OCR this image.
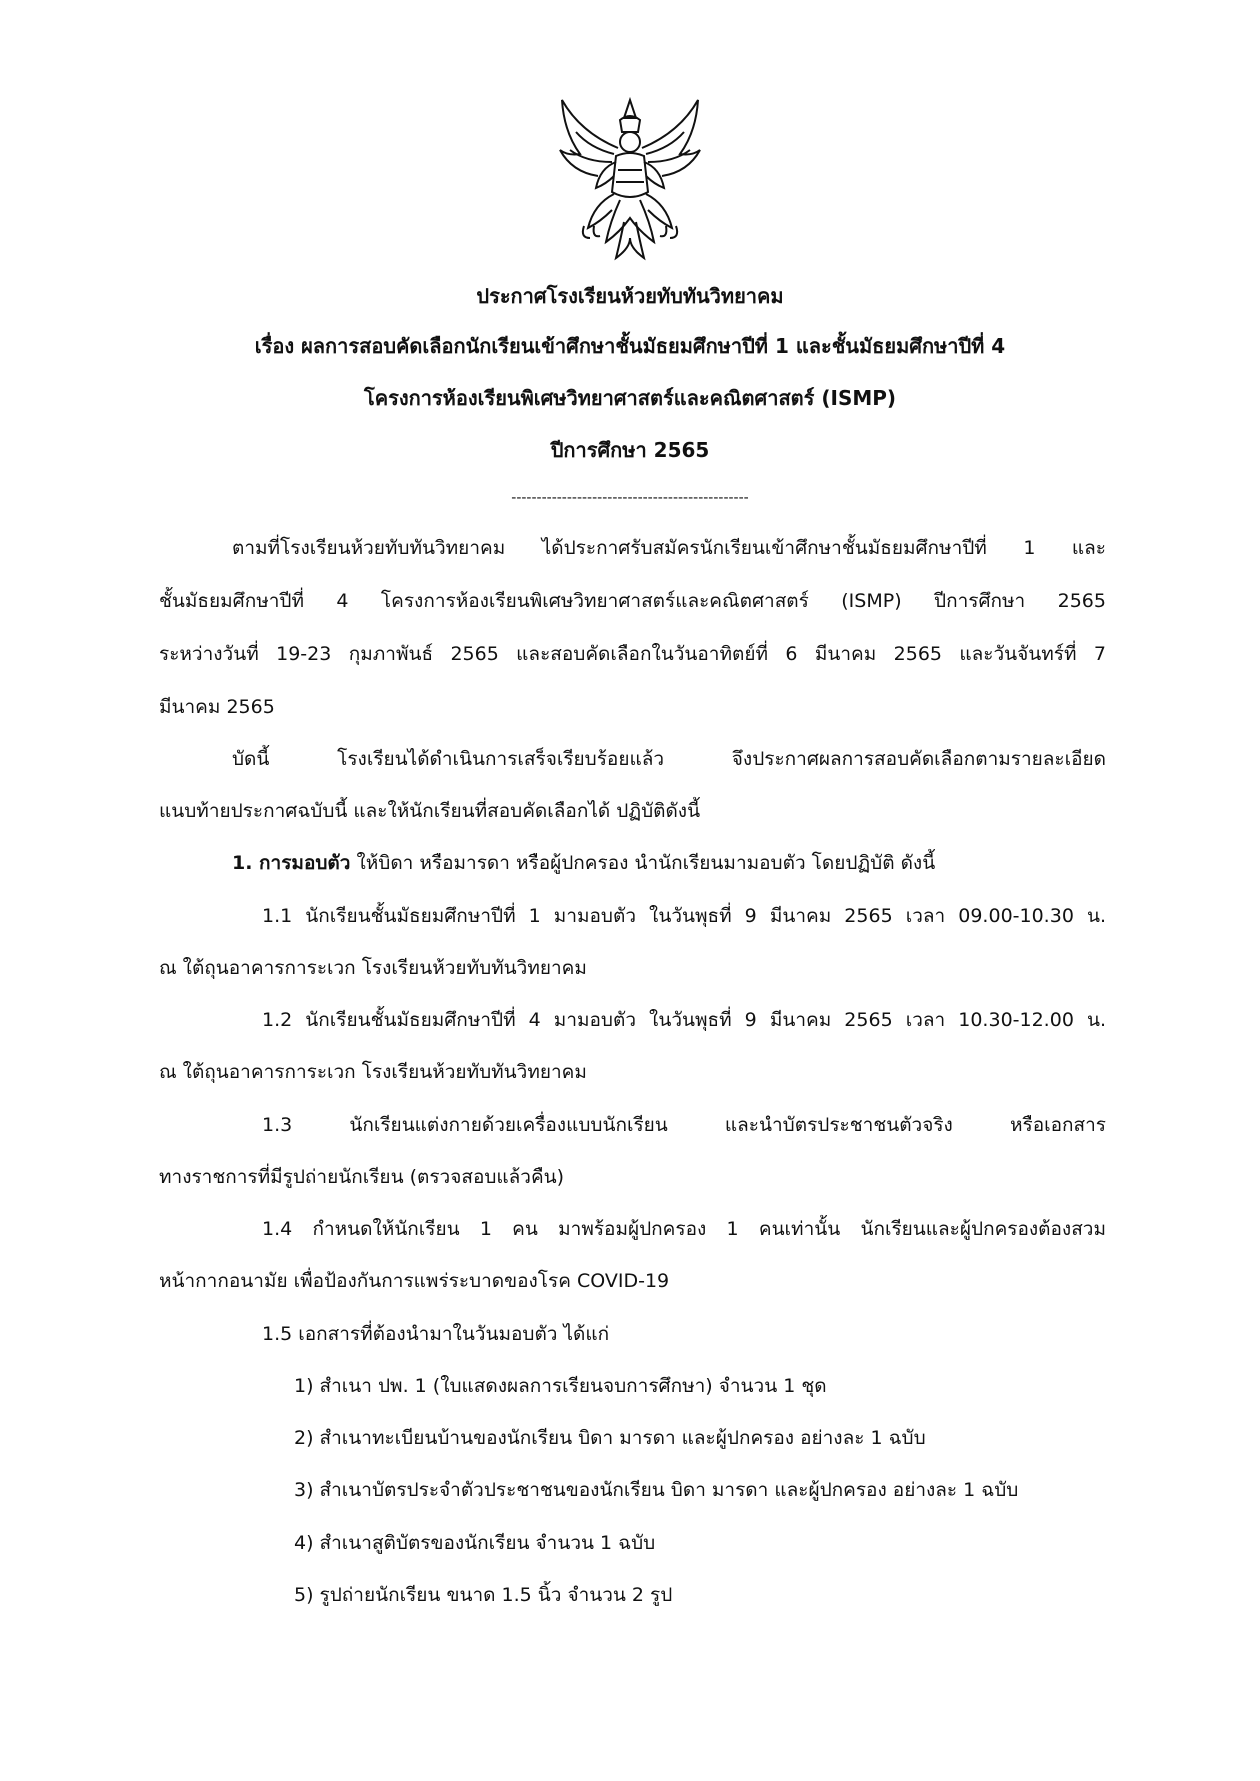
ประกาศโรงเรียนห้วยทับทันวิทยาคม
เรื่อง ผลการสอบคัดเลือกนักเรียนเข้าศึกษาชั้นมัธยมศึกษาปีที่ 1 และชั้นมัธยมศึกษาปีที่ 4
โครงการห้องเรียนพิเศษวิทยาศาสตร์และคณิตศาสตร์ (ISMP)
ปีการศึกษา 2565
-----------------------------------------------
ตามที่โรงเรียนห้วยทับทันวิทยาคม ได้ประกาศรับสมัครนักเรียนเข้าศึกษาชั้นมัธยมศึกษาปีที่ 1 และ
ชั้นมัธยมศึกษาปีที่ 4 โครงการห้องเรียนพิเศษวิทยาศาสตร์และคณิตศาสตร์ (ISMP) ปีการศึกษา 2565
ระหว่างวันที่ 19-23 กุมภาพันธ์ 2565 และสอบคัดเลือกในวันอาทิตย์ที่ 6 มีนาคม 2565 และวันจันทร์ที่ 7
มีนาคม 2565
บัดนี้ โรงเรียนได้ดำเนินการเสร็จเรียบร้อยแล้ว จึงประกาศผลการสอบคัดเลือกตามรายละเอียด
แนบท้ายประกาศฉบับนี้ และให้นักเรียนที่สอบคัดเลือกได้ ปฏิบัติดังนี้
1. การมอบตัว ให้บิดา หรือมารดา หรือผู้ปกครอง นำนักเรียนมามอบตัว โดยปฏิบัติ ดังนี้
1.1 นักเรียนชั้นมัธยมศึกษาปีที่ 1 มามอบตัว ในวันพุธที่ 9 มีนาคม 2565 เวลา 09.00-10.30 น.
ณ ใต้ถุนอาคารการะเวก โรงเรียนห้วยทับทันวิทยาคม
1.2 นักเรียนชั้นมัธยมศึกษาปีที่ 4 มามอบตัว ในวันพุธที่ 9 มีนาคม 2565 เวลา 10.30-12.00 น.
ณ ใต้ถุนอาคารการะเวก โรงเรียนห้วยทับทันวิทยาคม
1.3 นักเรียนแต่งกายด้วยเครื่องแบบนักเรียน และนำบัตรประชาชนตัวจริง หรือเอกสาร
ทางราชการที่มีรูปถ่ายนักเรียน (ตรวจสอบแล้วคืน)
1.4 กำหนดให้นักเรียน 1 คน มาพร้อมผู้ปกครอง 1 คนเท่านั้น นักเรียนและผู้ปกครองต้องสวม
หน้ากากอนามัย เพื่อป้องกันการแพร่ระบาดของโรค COVID-19
1.5 เอกสารที่ต้องนำมาในวันมอบตัว ได้แก่
1) สำเนา ปพ. 1 (ใบแสดงผลการเรียนจบการศึกษา) จำนวน 1 ชุด
2) สำเนาทะเบียนบ้านของนักเรียน บิดา มารดา และผู้ปกครอง อย่างละ 1 ฉบับ
3) สำเนาบัตรประจำตัวประชาชนของนักเรียน บิดา มารดา และผู้ปกครอง อย่างละ 1 ฉบับ
4) สำเนาสูติบัตรของนักเรียน จำนวน 1 ฉบับ
5) รูปถ่ายนักเรียน ขนาด 1.5 นิ้ว จำนวน 2 รูป
